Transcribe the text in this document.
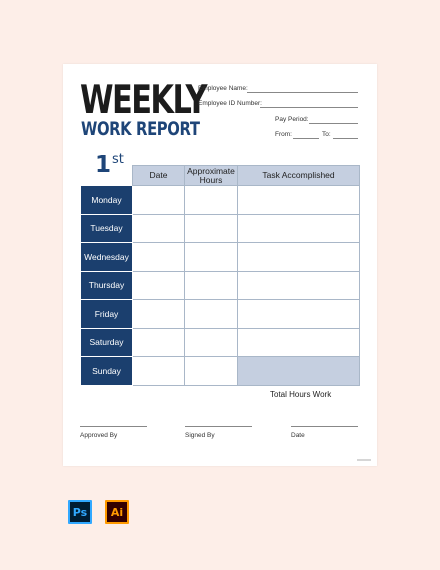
WEEKLY
WORK REPORT
Employee Name:
Employee ID Number:
Pay Period:
From:	To:
1st
	Date	Approximate Hours	Task Accomplished
Monday			
Tuesday			
Wednesday			
Thursday			
Friday			
Saturday			
Sunday			
Total Hours Work
Approved By	Signed By	Date
Ps Ai
